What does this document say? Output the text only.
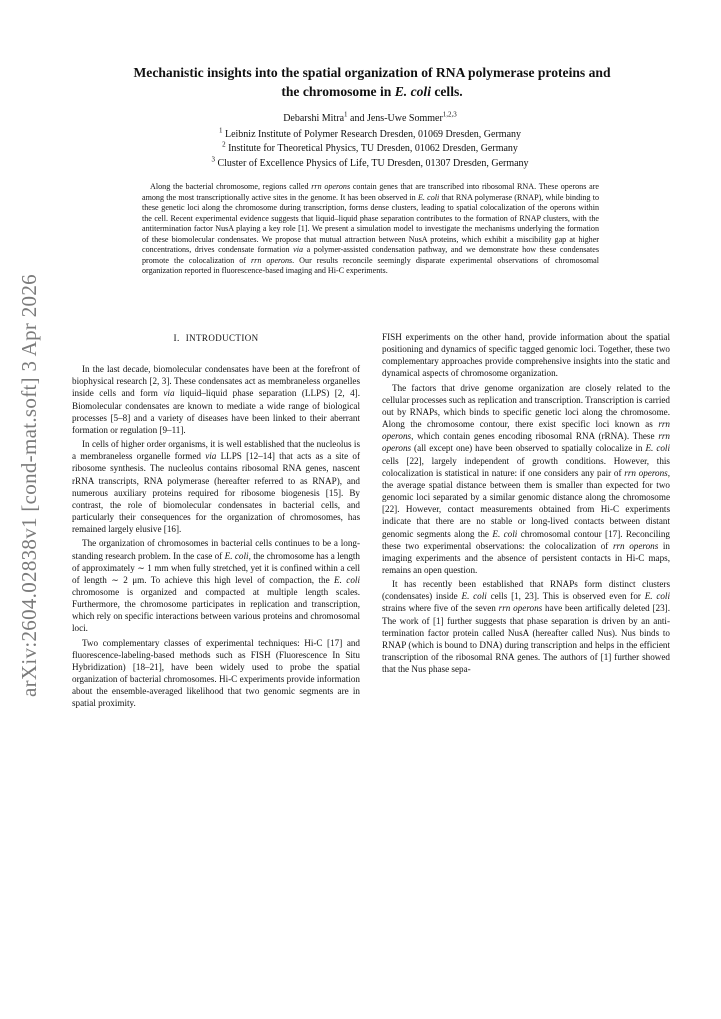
arXiv:2604.02838v1 [cond-mat.soft] 3 Apr 2026

Mechanistic insights into the spatial organization of RNA polymerase proteins and

the chromosome in E. coli cells.

Debarshi Mitra$^1$ and Jens-Uwe Sommer$^{1,2,3}$

$^1$ Leibniz Institute of Polymer Research Dresden, 01069 Dresden, Germany

$^2$ Institute for Theoretical Physics, TU Dresden, 01062 Dresden, Germany

$^3$ Cluster of Excellence Physics of Life, TU Dresden, 01307 Dresden, Germany

Along the bacterial chromosome, regions called rrn operons contain genes that are transcribed into ribosomal RNA. These operons are among the most transcriptionally active sites in the genome. It has been observed in E. coli that RNA polymerase (RNAP), while binding to these genetic loci along the chromosome during transcription, forms dense clusters, leading to spatial colocalization of the operons within the cell. Recent experimental evidence suggests that liquid–liquid phase separation contributes to the formation of RNAP clusters, with the antitermination factor NusA playing a key role [1]. We present a simulation model to investigate the mechanisms underlying the formation of these biomolecular condensates. We propose that mutual attraction between NusA proteins, which exhibit a miscibility gap at higher concentrations, drives condensate formation via a polymer-assisted condensation pathway, and we demonstrate how these condensates promote the colocalization of rrn operons. Our results reconcile seemingly disparate experimental observations of chromosomal organization reported in fluorescence-based imaging and Hi-C experiments.

I. INTRODUCTION

In the last decade, biomolecular condensates have been at the forefront of biophysical research [2, 3]. These condensates act as membraneless organelles inside cells and form via liquid–liquid phase separation (LLPS) [2, 4]. Biomolecular condensates are known to mediate a wide range of biological processes [5–8] and a variety of diseases have been linked to their aberrant formation or regulation [9–11].

In cells of higher order organisms, it is well established that the nucleolus is a membraneless organelle formed via LLPS [12–14] that acts as a site of ribosome synthesis. The nucleolus contains ribosomal RNA genes, nascent rRNA transcripts, RNA polymerase (hereafter referred to as RNAP), and numerous auxiliary proteins required for ribosome biogenesis [15]. By contrast, the role of biomolecular condensates in bacterial cells, and particularly their consequences for the organization of chromosomes, has remained largely elusive [16].

The organization of chromosomes in bacterial cells continues to be a long-standing research problem. In the case of E. coli, the chromosome has a length of approximately ∼ 1 mm when fully stretched, yet it is confined within a cell of length ∼ 2 μm. To achieve this high level of compaction, the E. coli chromosome is organized and compacted at multiple length scales. Furthermore, the chromosome participates in replication and transcription, which rely on specific interactions between various proteins and chromosomal loci.

Two complementary classes of experimental techniques: Hi-C [17] and fluorescence-labeling-based methods such as FISH (Fluorescence In Situ Hybridization) [18–21], have been widely used to probe the spatial organization of bacterial chromosomes. Hi-C experiments provide information about the ensemble-averaged likelihood that two genomic segments are in spatial proximity.

FISH experiments on the other hand, provide information about the spatial positioning and dynamics of specific tagged genomic loci. Together, these two complementary approaches provide comprehensive insights into the static and dynamical aspects of chromosome organization.

The factors that drive genome organization are closely related to the cellular processes such as replication and transcription. Transcription is carried out by RNAPs, which binds to specific genetic loci along the chromosome. Along the chromosome contour, there exist specific loci known as rrn operons, which contain genes encoding ribosomal RNA (rRNA). These rrn operons (all except one) have been observed to spatially colocalize in E. coli cells [22], largely independent of growth conditions. However, this colocalization is statistical in nature: if one considers any pair of rrn operons, the average spatial distance between them is smaller than expected for two genomic loci separated by a similar genomic distance along the chromosome [22]. However, contact measurements obtained from Hi-C experiments indicate that there are no stable or long-lived contacts between distant genomic segments along the E. coli chromosomal contour [17]. Reconciling these two experimental observations: the colocalization of rrn operons in imaging experiments and the absence of persistent contacts in Hi-C maps, remains an open question.

It has recently been established that RNAPs form distinct clusters (condensates) inside E. coli cells [1, 23]. This is observed even for E. coli strains where five of the seven rrn operons have been artifically deleted [23]. The work of [1] further suggests that phase separation is driven by an anti-termination factor protein called NusA (hereafter called Nus). Nus binds to RNAP (which is bound to DNA) during transcription and helps in the efficient transcription of the ribosomal RNA genes. The authors of [1] further showed that the Nus phase sepa-
